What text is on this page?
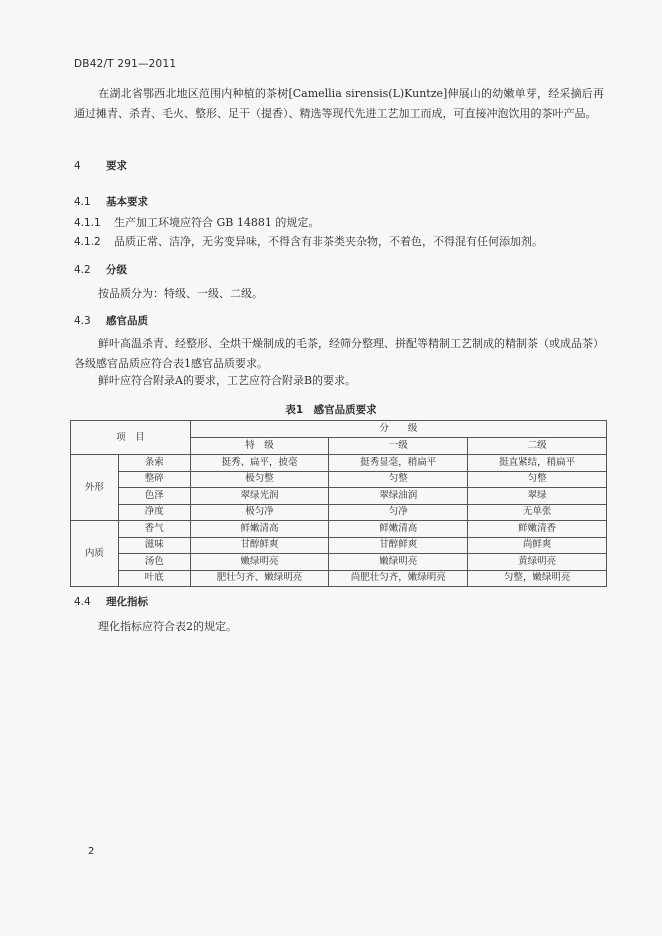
DB42/T 291—2011
在湖北省鄂西北地区范围内种植的茶树[Camellia sirensis(L)Kuntze]伸展山的幼嫩单芽，经采摘后再通过摊青、杀青、毛火、整形、足干（提香）、精选等现代先进工艺加工而成，可直接冲泡饮用的茶叶产品。
4 要求
4.1 基本要求
4.1.1 生产加工环境应符合 GB 14881 的规定。
4.1.2 品质正常、洁净，无劣变异味，不得含有非茶类夹杂物，不着色，不得混有任何添加剂。
4.2 分级
按品质分为：特级、一级、二级。
4.3 感官品质
鲜叶高温杀青、经整形、全烘干燥制成的毛茶，经筛分整理、拼配等精制工艺制成的精制茶（或成品茶）各级感官品质应符合表1感官品质要求。
鲜叶应符合附录A的要求，工艺应符合附录B的要求。
表1　感官品质要求
项　目		分　　级		
		特　级	一级	二级
外形	条索	挺秀、扁平，披毫	挺秀显毫，稍扁平	挺直紧结，稍扁平
	整碎	极匀整	匀整	匀整
	色泽	翠绿光润	翠绿油润	翠绿
	净度	极匀净	匀净	无单张
内质	香气	鲜嫩清高	鲜嫩清高	鲜嫩清香
	滋味	甘醇鲜爽	甘醇鲜爽	尚鲜爽
	汤色	嫩绿明亮	嫩绿明亮	黄绿明亮
	叶底	肥壮匀齐、嫩绿明亮	尚肥壮匀齐，嫩绿明亮	匀整，嫩绿明亮
4.4 理化指标
理化指标应符合表2的规定。
2
